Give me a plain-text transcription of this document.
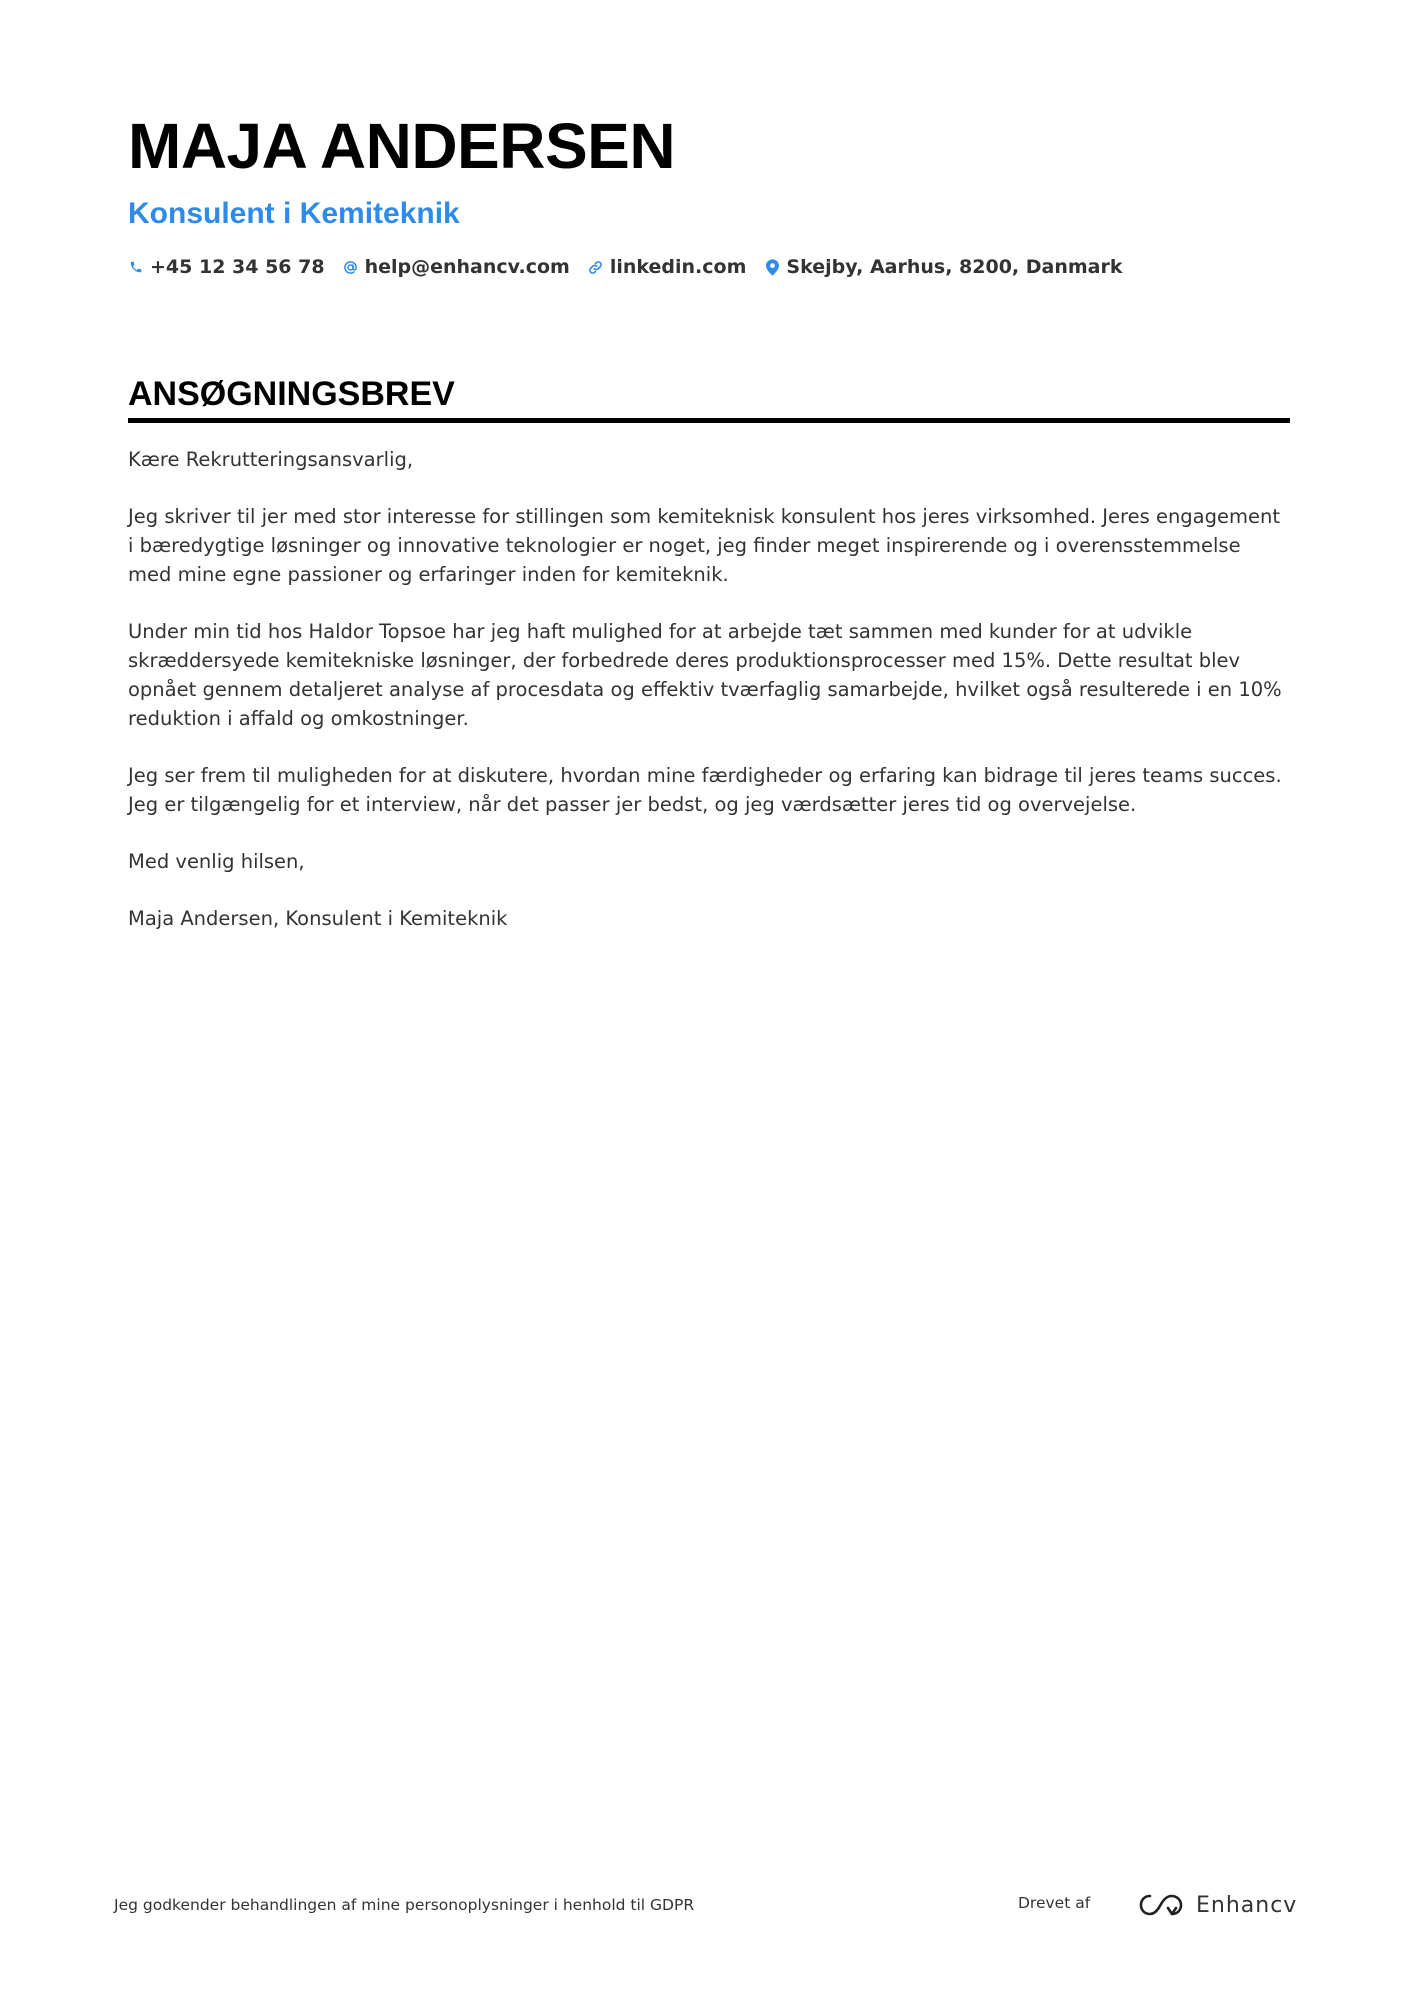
MAJA ANDERSEN
Konsulent i Kemiteknik
+45 12 34 56 78 help@enhancv.com linkedin.com Skejby, Aarhus, 8200, Danmark
ANSØGNINGSBREV

Kære Rekrutteringsansvarlig,

Jeg skriver til jer med stor interesse for stillingen som kemiteknisk konsulent hos jeres virksomhed. Jeres engagement i bæredygtige løsninger og innovative teknologier er noget, jeg finder meget inspirerende og i overensstemmelse med mine egne passioner og erfaringer inden for kemiteknik.

Under min tid hos Haldor Topsoe har jeg haft mulighed for at arbejde tæt sammen med kunder for at udvikle skræddersyede kemitekniske løsninger, der forbedrede deres produktionsprocesser med 15%. Dette resultat blev opnået gennem detaljeret analyse af procesdata og effektiv tværfaglig samarbejde, hvilket også resulterede i en 10% reduktion i affald og omkostninger.

Jeg ser frem til muligheden for at diskutere, hvordan mine færdigheder og erfaring kan bidrage til jeres teams succes. Jeg er tilgængelig for et interview, når det passer jer bedst, og jeg værdsætter jeres tid og overvejelse.

Med venlig hilsen,

Maja Andersen, Konsulent i Kemiteknik

Jeg godkender behandlingen af mine personoplysninger i henhold til GDPR	Drevet af	Enhancv
